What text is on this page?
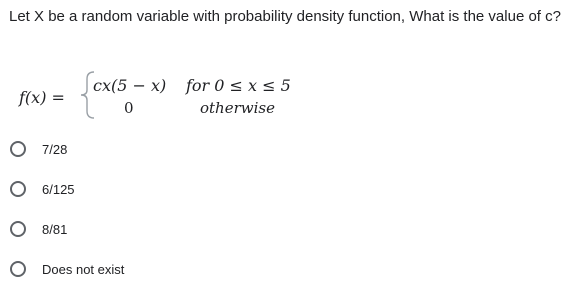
Let X be a random variable with probability density function, What is the value of c?

f(x) =
cx(5 − x) for 0 ≤ x ≤ 5
0	otherwise
7/28
6/125
8/81
Does not exist
